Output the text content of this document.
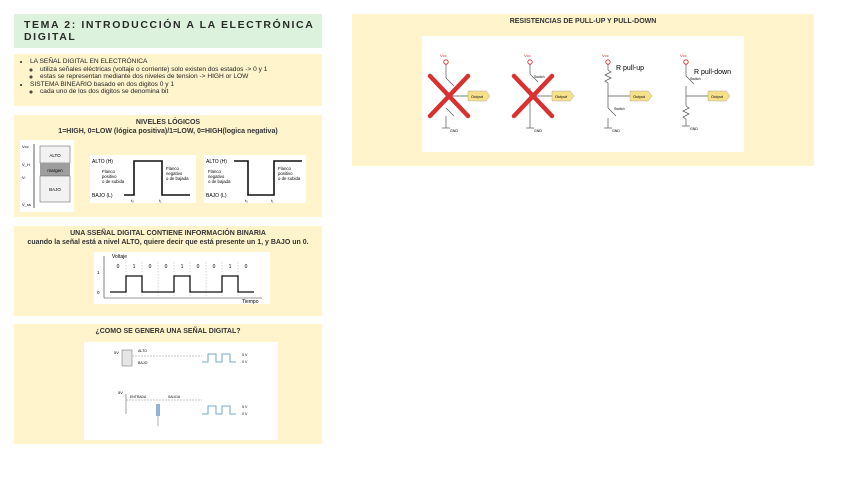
TEMA 2: INTRODUCCIÓN A LA ELECTRÓNICA DIGITAL
• LA SEÑAL DIGITAL EN ELECTRÓNICA
◦ utiliza señales eléctricas (voltaje o corriente) solo existen dos estados -> 0 y 1
◦ estas se representan mediante dos niveles de tension -> HIGH or LOW
• SISTEMA BINEARIO basado en dos digitos 0 y 1
◦ cada uno de los dos digitos se denomina bit
NIVELES LÓGICOS
1=HIGH, 0=LOW (lógica positiva)/1=LOW, 0=HIGH(logica negativa)
ALTO
margen
BAJO
Vcc
V_H
Vₗ
V_ss
ALTO (H)
BAJO (L)
Flanco
positivo
o de subida
Flanco
negativo
o de bajada
t₀	t₁
ALTO (H)
BAJO (L)
Flanco
negativo
o de bajada
Flanco
positivo
o de subida
t₀	t₁
UNA SSEÑAL DIGITAL CONTIENE INFORMACIÓN BINARIA
cuando la señal está a nivel ALTO, quiere decir que está presente un 1, y BAJO un 0.
Voltaje
Tiempo
1
0
0	1	0	0	1	0	0	1	0
¿COMO SE GENERA UNA SEÑAL DIGITAL?
5V	ALTO
BAJO
5 V
0 V
5V
ENTRADA	SALIDA
5 V
0 V
RESISTENCIAS DE PULL-UP Y PULL-DOWN
Vcc
Output
GND
Vcc
Switch
Output
GND
Vcc
R pull-up
Output
Switch
GND
Vcc
Switch
R pull-down
Output
GND
